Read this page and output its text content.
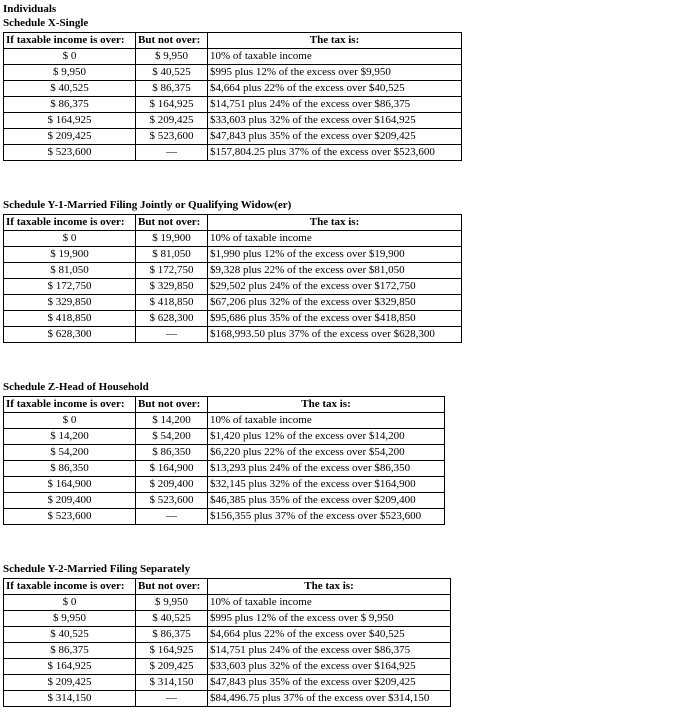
Individuals
Schedule X-Single
If taxable income is over:	But not over:	The tax is:
$ 0	$ 9,950	10% of taxable income
$ 9,950	$ 40,525	$995 plus 12% of the excess over $9,950
$ 40,525	$ 86,375	$4,664 plus 22% of the excess over $40,525
$ 86,375	$ 164,925	$14,751 plus 24% of the excess over $86,375
$ 164,925	$ 209,425	$33,603 plus 32% of the excess over $164,925
$ 209,425	$ 523,600	$47,843 plus 35% of the excess over $209,425
$ 523,600	—	$157,804.25 plus 37% of the excess over $523,600
Schedule Y-1-Married Filing Jointly or Qualifying Widow(er)
If taxable income is over:	But not over:	The tax is:
$ 0	$ 19,900	10% of taxable income
$ 19,900	$ 81,050	$1,990 plus 12% of the excess over $19,900
$ 81,050	$ 172,750	$9,328 plus 22% of the excess over $81,050
$ 172,750	$ 329,850	$29,502 plus 24% of the excess over $172,750
$ 329,850	$ 418,850	$67,206 plus 32% of the excess over $329,850
$ 418,850	$ 628,300	$95,686 plus 35% of the excess over $418,850
$ 628,300	—	$168,993.50 plus 37% of the excess over $628,300
Schedule Z-Head of Household
If taxable income is over:	But not over:	The tax is:
$ 0	$ 14,200	10% of taxable income
$ 14,200	$ 54,200	$1,420 plus 12% of the excess over $14,200
$ 54,200	$ 86,350	$6,220 plus 22% of the excess over $54,200
$ 86,350	$ 164,900	$13,293 plus 24% of the excess over $86,350
$ 164,900	$ 209,400	$32,145 plus 32% of the excess over $164,900
$ 209,400	$ 523,600	$46,385 plus 35% of the excess over $209,400
$ 523,600	—	$156,355 plus 37% of the excess over $523,600
Schedule Y-2-Married Filing Separately
If taxable income is over:	But not over:	The tax is:
$ 0	$ 9,950	10% of taxable income
$ 9,950	$ 40,525	$995 plus 12% of the excess over $ 9,950
$ 40,525	$ 86,375	$4,664 plus 22% of the excess over $40,525
$ 86,375	$ 164,925	$14,751 plus 24% of the excess over $86,375
$ 164,925	$ 209,425	$33,603 plus 32% of the excess over $164,925
$ 209,425	$ 314,150	$47,843 plus 35% of the excess over $209,425
$ 314,150	—	$84,496.75 plus 37% of the excess over $314,150
